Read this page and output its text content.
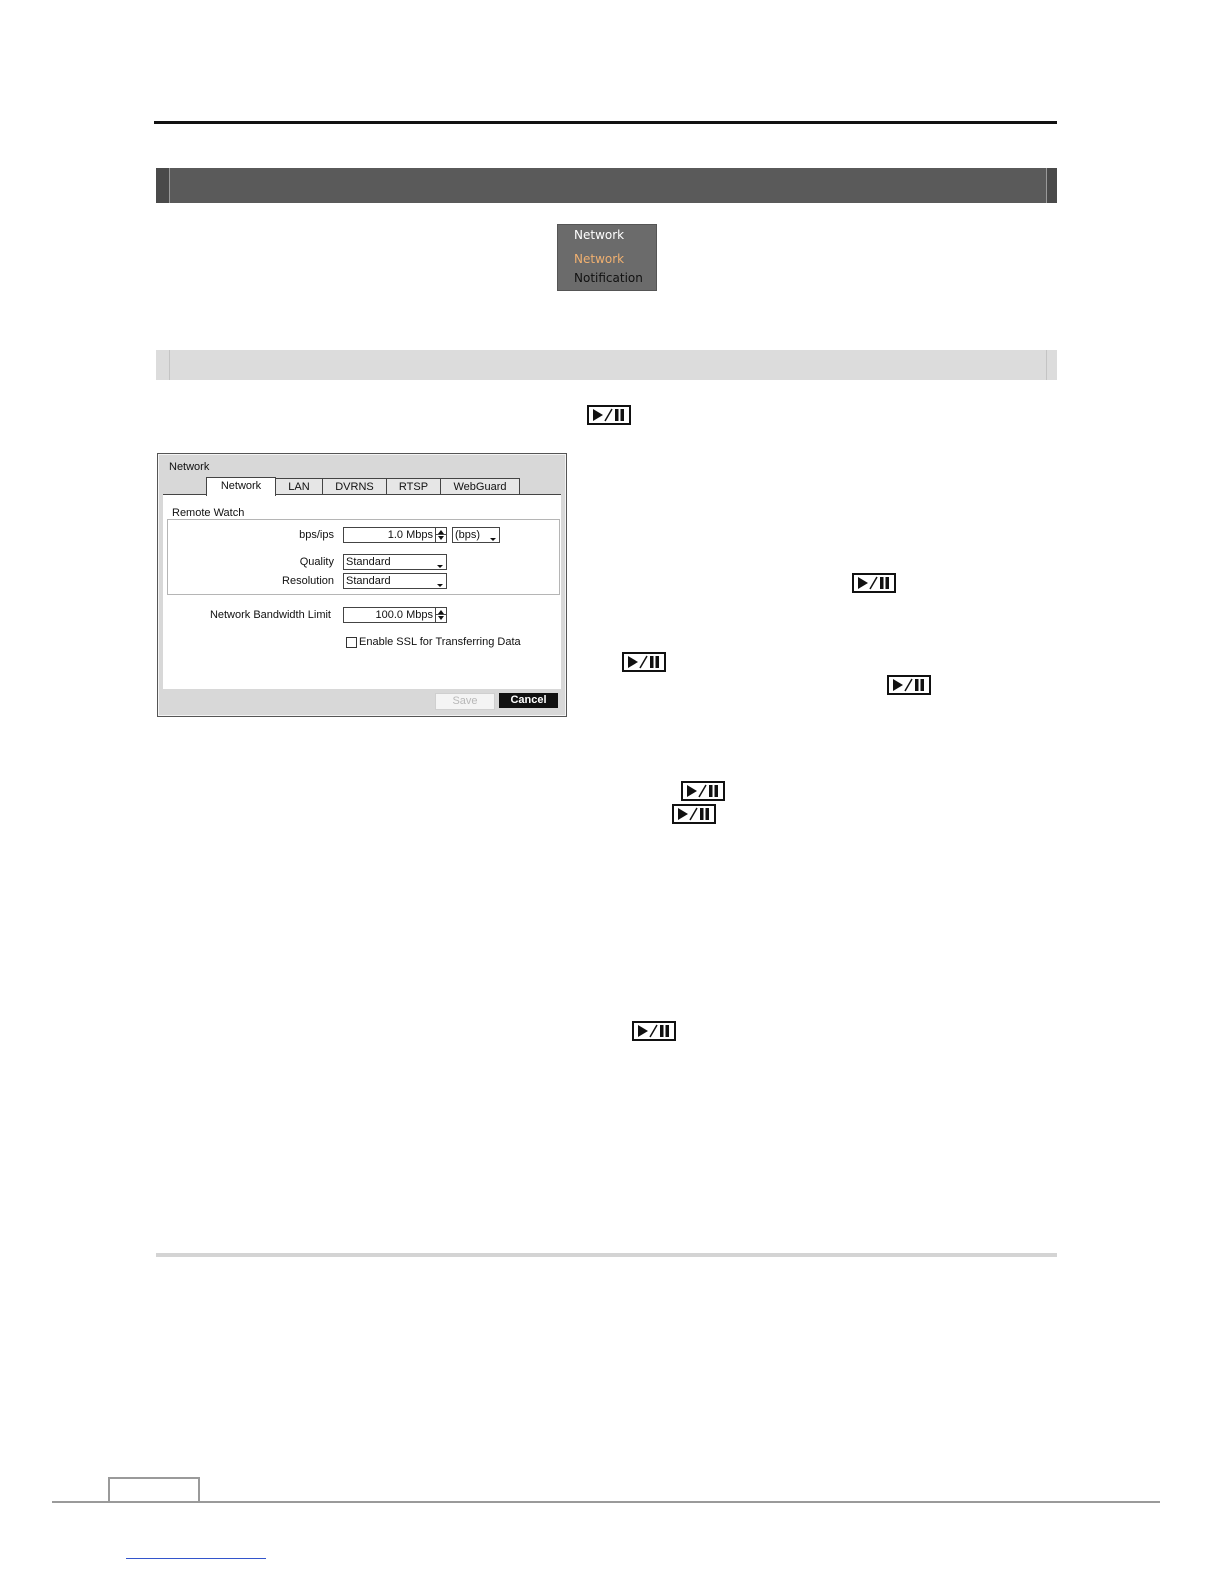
Network
Network
Notification
Network
Network	LAN	DVRNS	RTSP	WebGuard
Remote Watch
bps/ips	1.0 Mbps (bps)
Quality Standard
Resolution Standard
Network Bandwidth Limit	100.0 Mbps
Enable SSL for Transferring Data
Save	Cancel
